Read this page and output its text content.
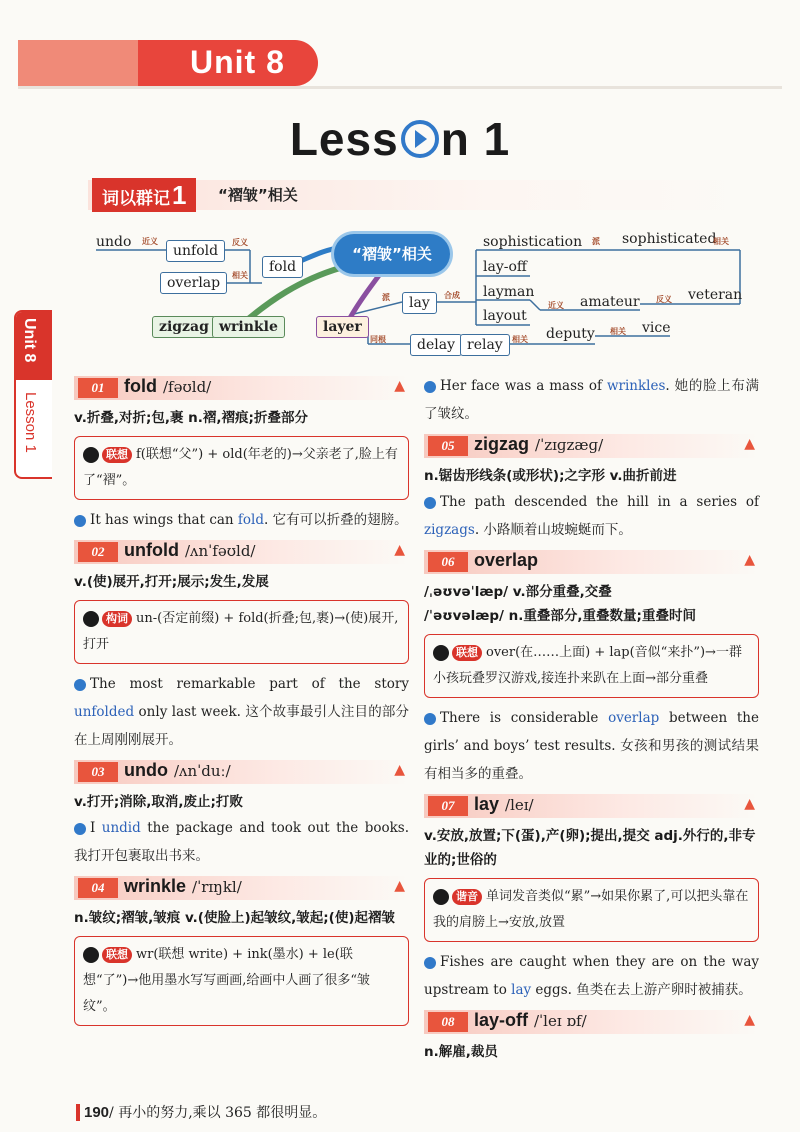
Unit 8
Less n 1
词以群记1	“褶皱”相关
Unit 8
Lesson 1
undo 近义
unfold
反义
fold
overlap	相关
zigzag wrinkle	layer
“褶皱”相关
sophistication 派 sophisticated
相关
lay-off
layman
layout
合成
派	lay	近义 amateur 反义 veteran
同根	delay relay	相关 deputy 相关 vice
01	fold /fəʊld/	▲
v.折叠,对折;包,裹 n.褶,褶痕;折叠部分
联想 f(联想“父”) + old(年老的)→父亲老了,脸上有了“褶”。
It has wings that can fold. 它有可以折叠的翅膀。
02	unfold /ʌnˈfəʊld/	▲
v.(使)展开,打开;展示;发生,发展
构词 un-(否定前缀) + fold(折叠;包,裹)→(使)展开,打开
The most remarkable part of the story unfolded only last week. 这个故事最引人注目的部分在上周刚刚展开。
03	undo /ʌnˈduː/	▲
v.打开;消除,取消,废止;打败
I undid the package and took out the books. 我打开包裹取出书来。
04	wrinkle /ˈrɪŋkl/	▲
n.皱纹;褶皱,皱痕 v.(使脸上)起皱纹,皱起;(使)起褶皱
联想 wr(联想 write) + ink(墨水) + le(联想“了”)→他用墨水写写画画,给画中人画了很多“皱纹”。
Her face was a mass of wrinkles. 她的脸上布满了皱纹。
05	zigzag /ˈzɪɡzæɡ/	▲
n.锯齿形线条(或形状);之字形 v.曲折前进
The path descended the hill in a series of zigzags. 小路顺着山坡蜿蜒而下。
06	overlap	▲
/ˌəʊvəˈlæp/ v.部分重叠,交叠
/ˈəʊvəlæp/ n.重叠部分,重叠数量;重叠时间
联想 over(在……上面) + lap(音似“来扑”)→一群小孩玩叠罗汉游戏,接连扑来趴在上面→部分重叠
There is considerable overlap between the girls’ and boys’ test results. 女孩和男孩的测试结果有相当多的重叠。
07	lay /leɪ/	▲
v.安放,放置;下(蛋),产(卵);提出,提交 adj.外行的,非专业的;世俗的
谐音 单词发音类似“累”→如果你累了,可以把头靠在我的肩膀上→安放,放置
Fishes are caught when they are on the way upstream to lay eggs. 鱼类在去上游产卵时被捕获。
08	lay-off /ˈleɪ ɒf/	▲
n.解雇,裁员
190/ 再小的努力,乘以 365 都很明显。
